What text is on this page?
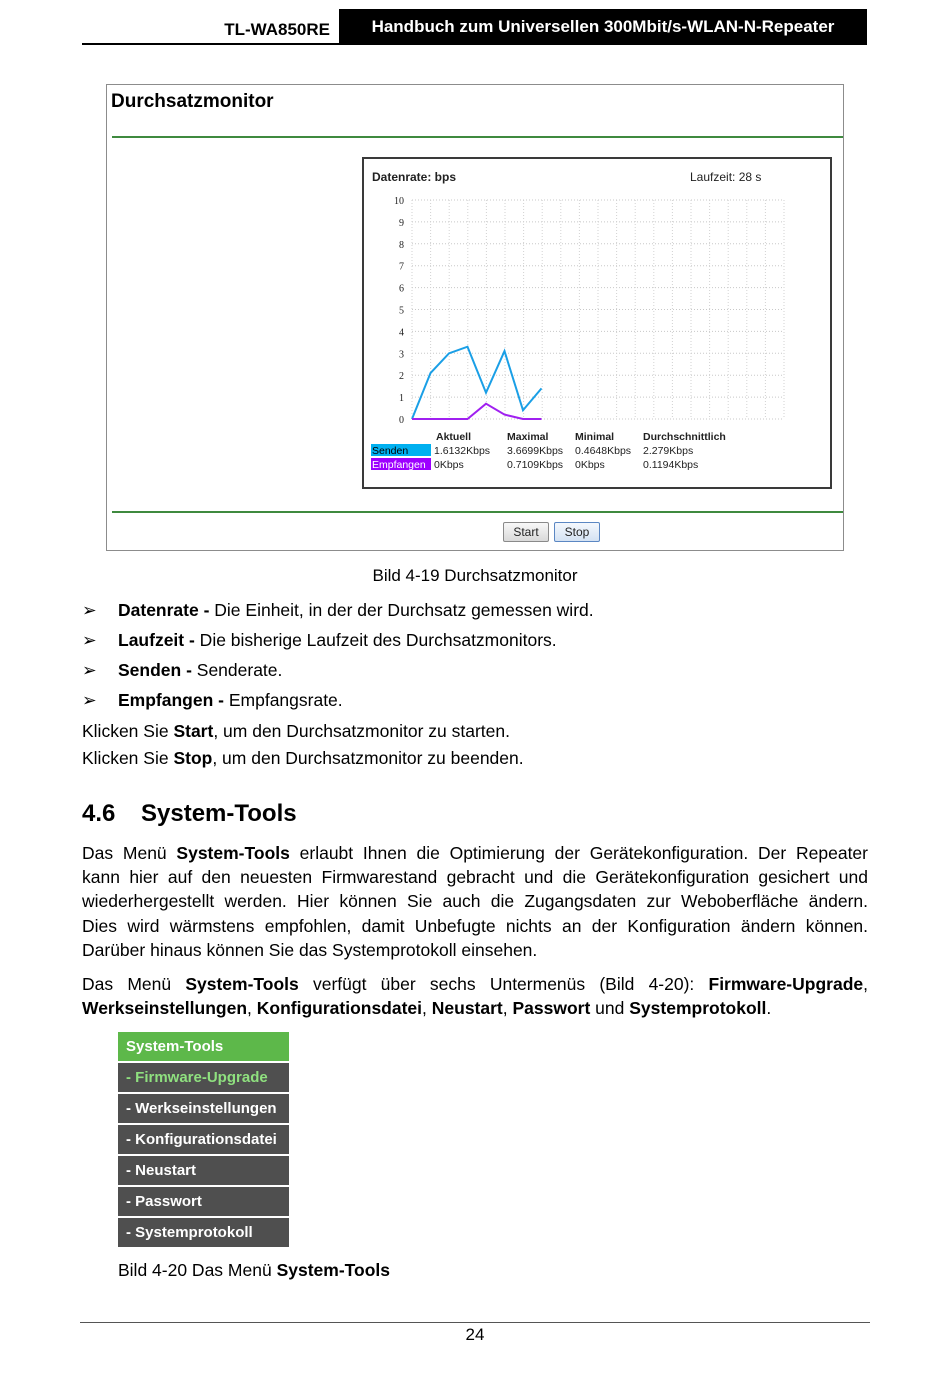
TL-WA850RE	Handbuch zum Universellen 300Mbit/s-WLAN-N-Repeater
Durchsatzmonitor
Datenrate: bps	Laufzeit: 28 s
0
1
2
3
4
5
6
7
8
9
10
Aktuell	Maximal	Minimal	Durchschnittlich
Senden 1.6132Kbps 3.6699Kbps 0.4648Kbps 2.279Kbps
Empfangen 0Kbps	0.7109Kbps 0Kbps	0.1194Kbps
Start	Stop
Bild 4-19 Durchsatzmonitor
➢ Datenrate - Die Einheit, in der der Durchsatz gemessen wird.
➢ Laufzeit - Die bisherige Laufzeit des Durchsatzmonitors.
➢ Senden - Senderate.
➢ Empfangen - Empfangsrate.
Klicken Sie Start, um den Durchsatzmonitor zu starten.
Klicken Sie Stop, um den Durchsatzmonitor zu beenden.
4.6 System-Tools
Das Menü System-Tools erlaubt Ihnen die Optimierung der Gerätekonfiguration. Der Repeater
kann hier auf den neuesten Firmwarestand gebracht und die Gerätekonfiguration gesichert und
wiederhergestellt werden. Hier können Sie auch die Zugangsdaten zur Weboberfläche ändern.
Dies wird wärmstens empfohlen, damit Unbefugte nichts an der Konfiguration ändern können.
Darüber hinaus können Sie das Systemprotokoll einsehen.
Das Menü System-Tools verfügt über sechs Untermenüs (Bild 4-20): Firmware-Upgrade,
Werkseinstellungen, Konfigurationsdatei, Neustart, Passwort und Systemprotokoll.
System-Tools
- Firmware-Upgrade
- Werkseinstellungen
- Konfigurationsdatei
- Neustart
- Passwort
- Systemprotokoll
Bild 4-20 Das Menü System-Tools
24
